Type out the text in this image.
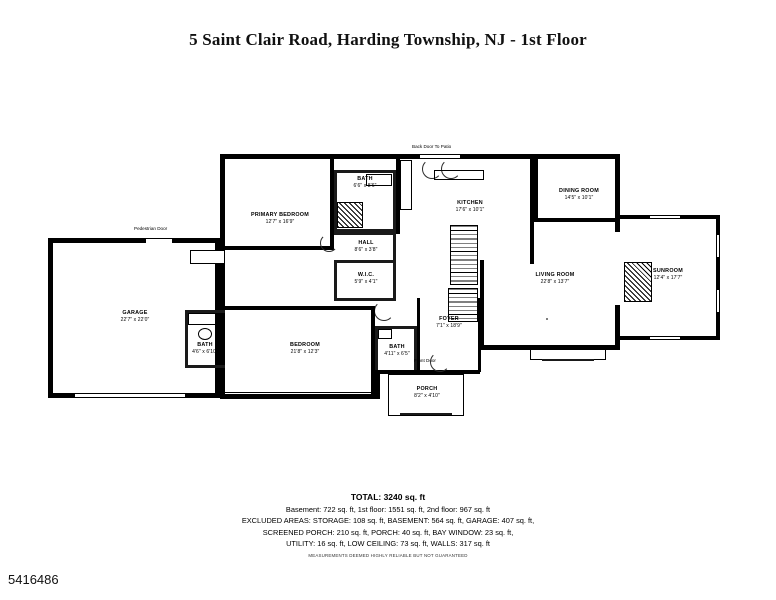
5 Saint Clair Road, Harding Township, NJ - 1st Floor
Pedestrian Door
GARAGE
22'7" x 22'0"
Back Door To Patio
SUNROOM
12'4" x 17'7"
PRIMARY BEDROOM
12'7" x 16'9"
BATH
6'6" x 8'6"
HALL
8'6" x 3'8"
W.I.C.
5'9" x 4'1"
KITCHEN
17'6" x 10'1"
DINING ROOM
14'5" x 10'1"
LIVING ROOM
22'8" x 13'7"
BEDROOM
21'8" x 12'3"
BATH
4'6" x 6'10"
BATH
4'11" x 6'5"
FOYER
7'1" x 18'9"
Front Door
PORCH
8'2" x 4'10"
TOTAL: 3240 sq. ft
Basement: 722 sq. ft, 1st floor: 1551 sq. ft, 2nd floor: 967 sq. ft
EXCLUDED AREAS: STORAGE: 108 sq. ft, BASEMENT: 564 sq. ft, GARAGE: 407 sq. ft,
SCREENED PORCH: 210 sq. ft, PORCH: 40 sq. ft, BAY WINDOW: 23 sq. ft,
UTILITY: 16 sq. ft, LOW CEILING: 73 sq. ft, WALLS: 317 sq. ft
MEASUREMENTS DEEMED HIGHLY RELIABLE BUT NOT GUARANTEED
5416486
